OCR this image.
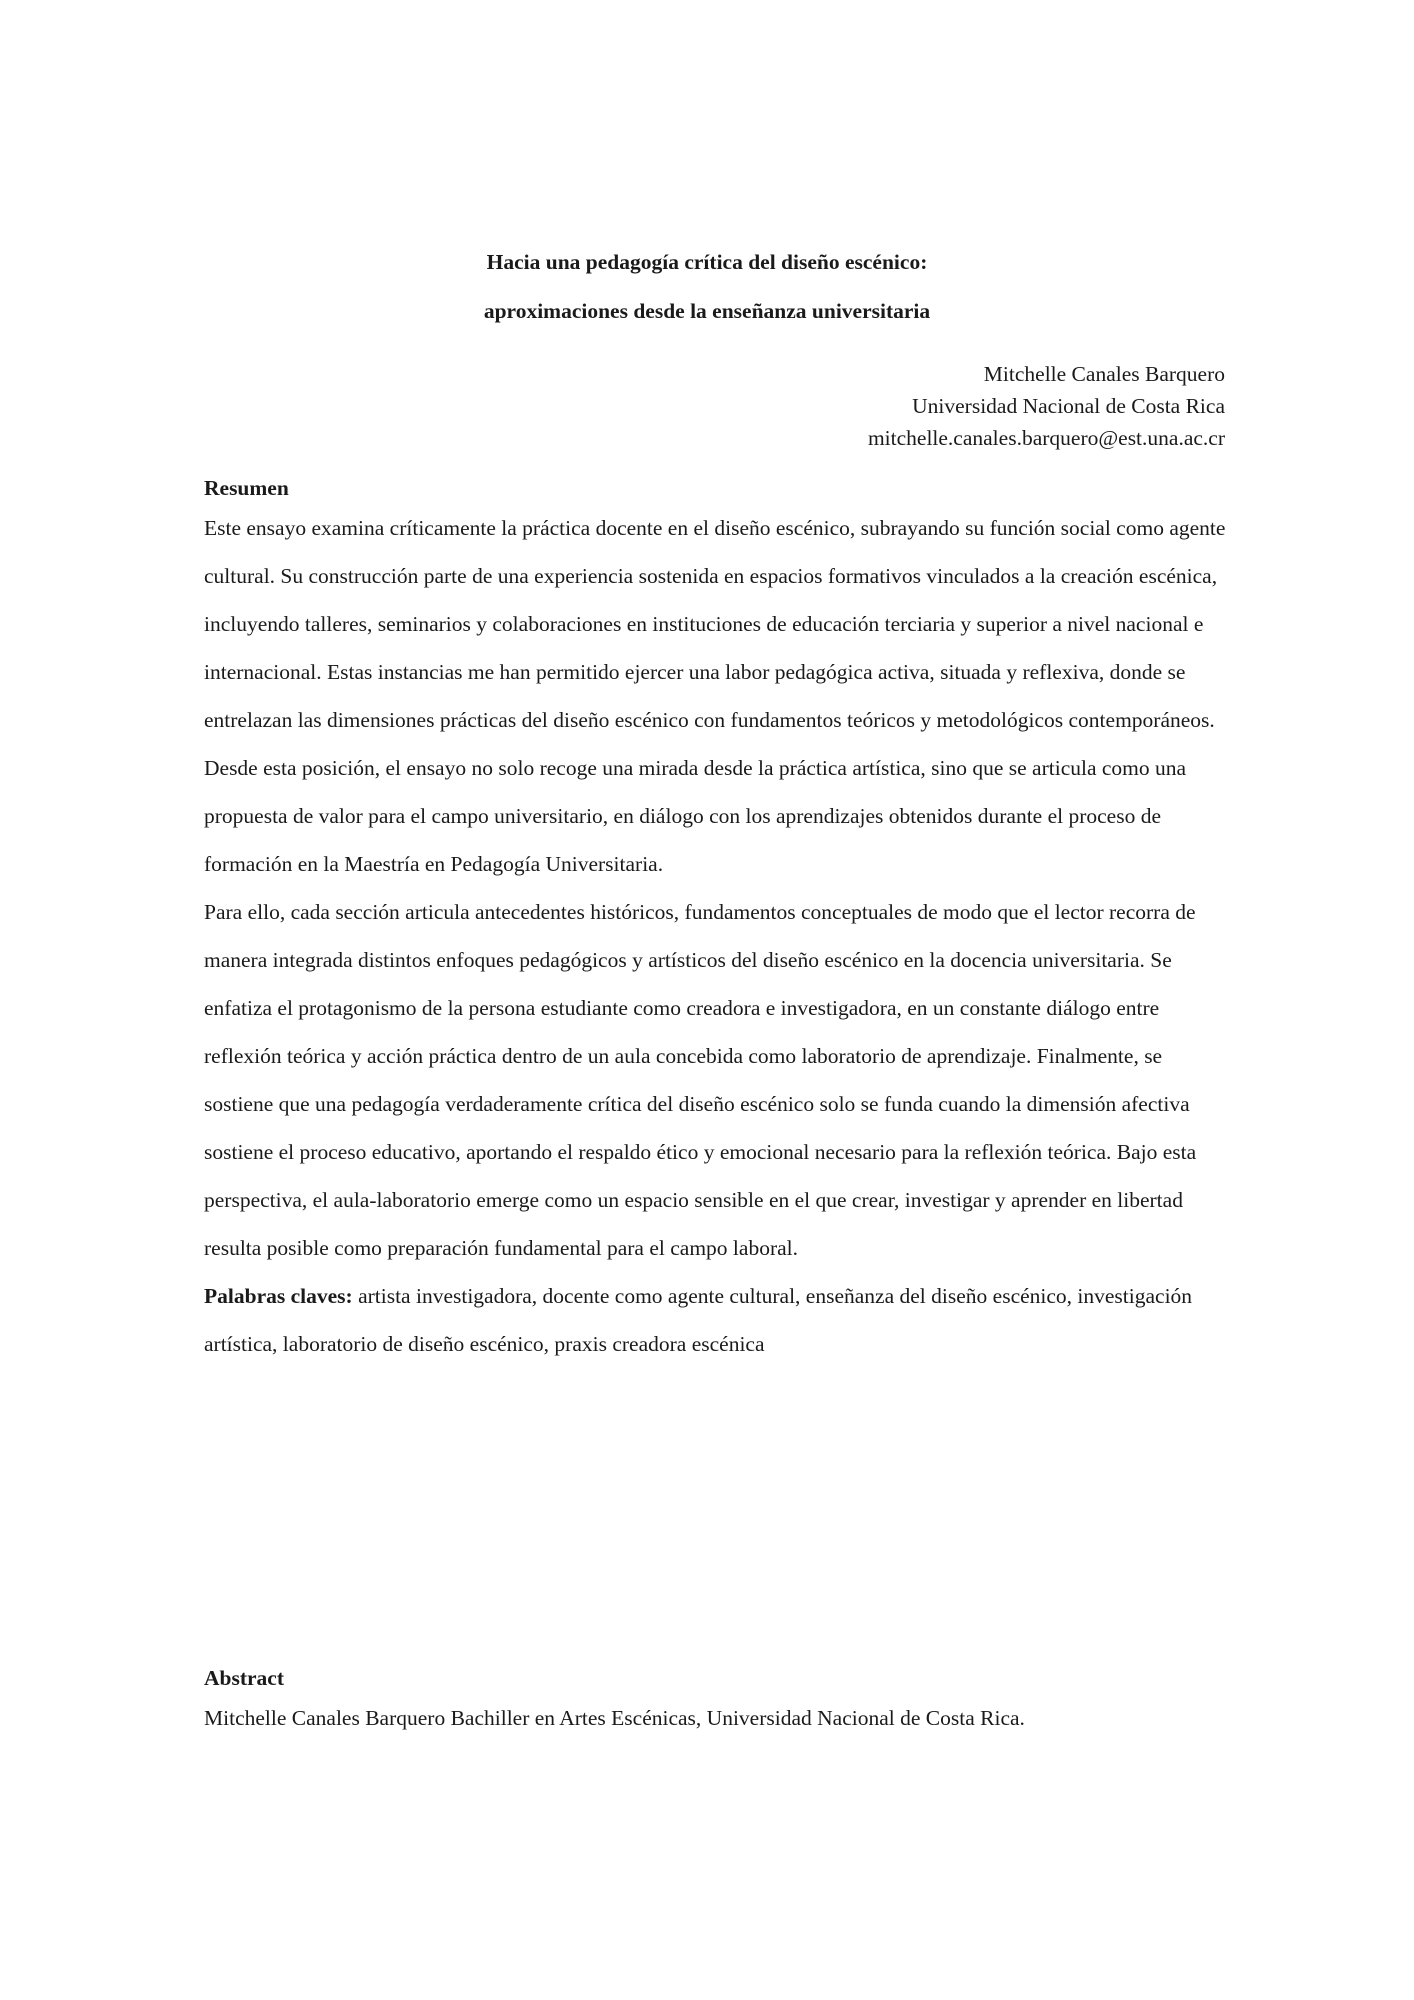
Hacia una pedagogía crítica del diseño escénico:
aproximaciones desde la enseñanza universitaria
Mitchelle Canales Barquero
Universidad Nacional de Costa Rica
mitchelle.canales.barquero@est.una.ac.cr

Resumen

Este ensayo examina críticamente la práctica docente en el diseño escénico, subrayando su función social como agente cultural. Su construcción parte de una experiencia sostenida en espacios formativos vinculados a la creación escénica, incluyendo talleres, seminarios y colaboraciones en instituciones de educación terciaria y superior a nivel nacional e internacional. Estas instancias me han permitido ejercer una labor pedagógica activa, situada y reflexiva, donde se entrelazan las dimensiones prácticas del diseño escénico con fundamentos teóricos y metodológicos contemporáneos.

Desde esta posición, el ensayo no solo recoge una mirada desde la práctica artística, sino que se articula como una propuesta de valor para el campo universitario, en diálogo con los aprendizajes obtenidos durante el proceso de formación en la Maestría en Pedagogía Universitaria.

Para ello, cada sección articula antecedentes históricos, fundamentos conceptuales de modo que el lector recorra de manera integrada distintos enfoques pedagógicos y artísticos del diseño escénico en la docencia universitaria. Se enfatiza el protagonismo de la persona estudiante como creadora e investigadora, en un constante diálogo entre reflexión teórica y acción práctica dentro de un aula concebida como laboratorio de aprendizaje. Finalmente, se sostiene que una pedagogía verdaderamente crítica del diseño escénico solo se funda cuando la dimensión afectiva sostiene el proceso educativo, aportando el respaldo ético y emocional necesario para la reflexión teórica. Bajo esta perspectiva, el aula-laboratorio emerge como un espacio sensible en el que crear, investigar y aprender en libertad resulta posible como preparación fundamental para el campo laboral.

Palabras claves: artista investigadora, docente como agente cultural, enseñanza del diseño escénico, investigación artística, laboratorio de diseño escénico, praxis creadora escénica

Abstract

Mitchelle Canales Barquero Bachiller en Artes Escénicas, Universidad Nacional de Costa Rica.
